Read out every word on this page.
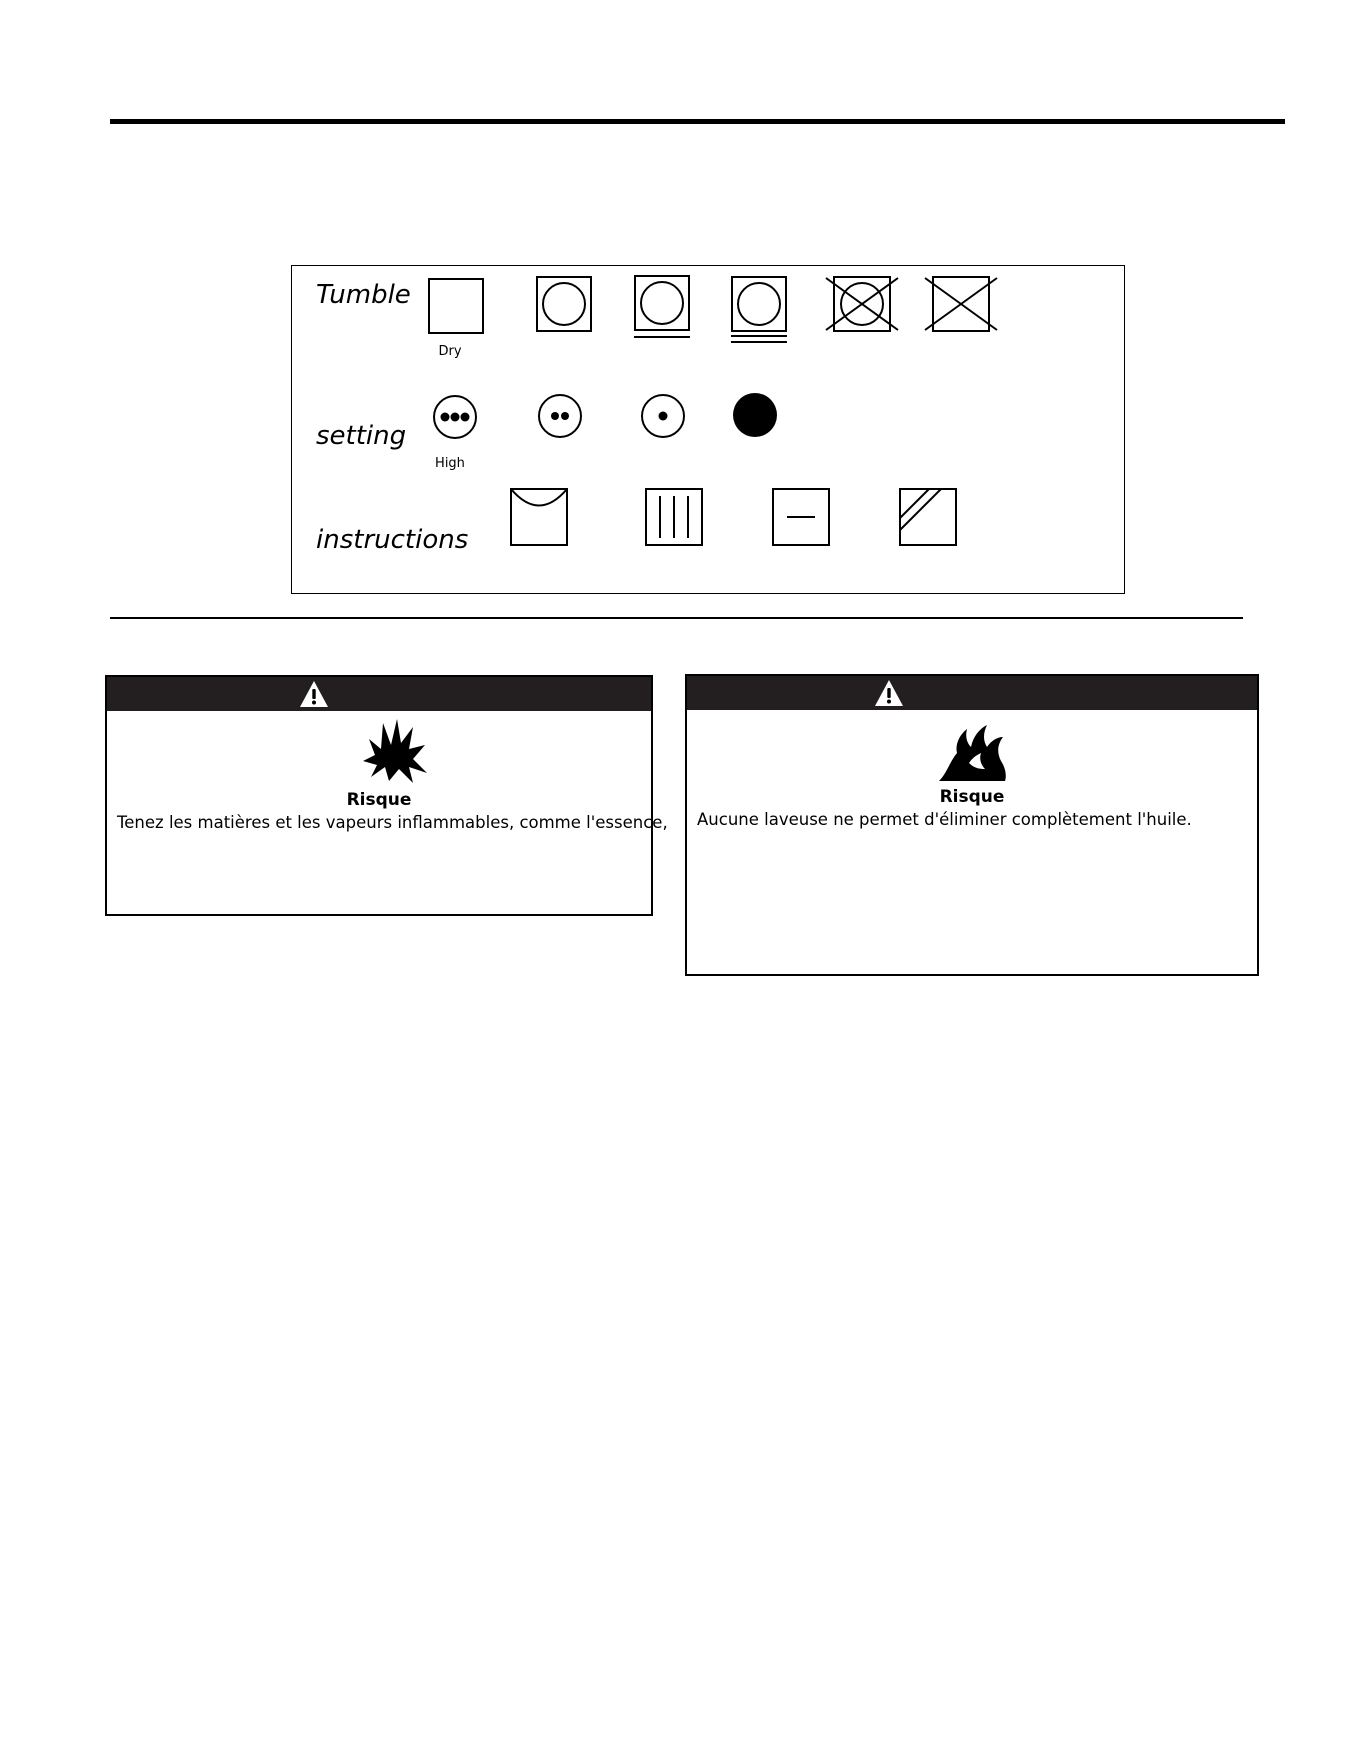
Tumble
Dry
setting
High
instructions
Risque
Tenez les matières et les vapeurs inflammables, comme l'essence,
Risque
Aucune laveuse ne permet d'éliminer complètement l'huile.
